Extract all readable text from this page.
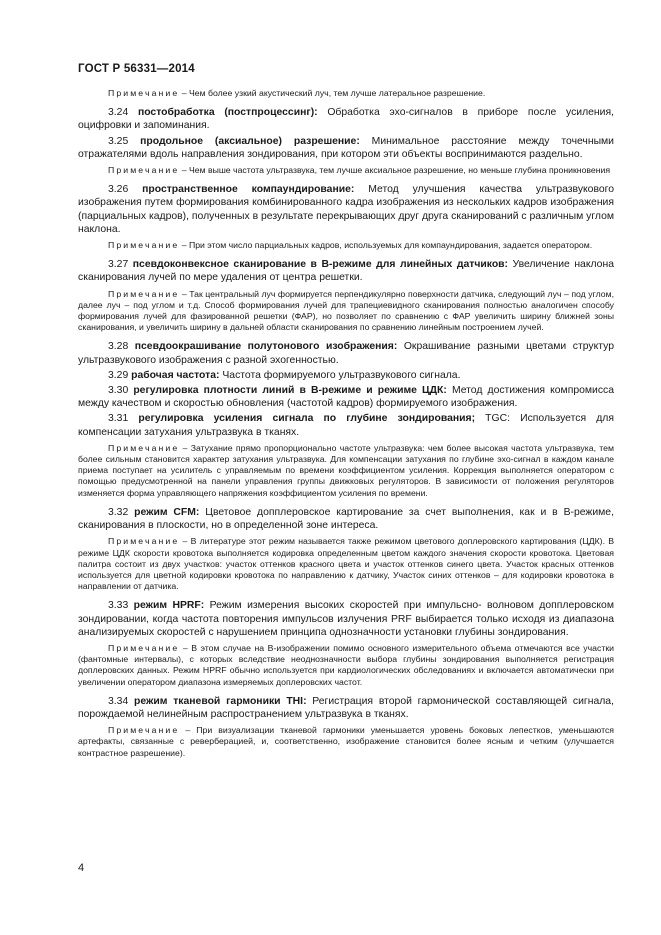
ГОСТ Р 56331—2014

Примечание – Чем более узкий акустический луч, тем лучше латеральное разрешение.

3.24 постобработка (постпроцессинг): Обработка эхо-сигналов в приборе после усиления, оцифровки и запоминания.

3.25 продольное (аксиальное) разрешение: Минимальное расстояние между точечными отражателями вдоль направления зондирования, при котором эти объекты воспринимаются раздельно.

Примечание – Чем выше частота ультразвука, тем лучше аксиальное разрешение, но меньше глубина проникновения

3.26 пространственное компаундирование: Метод улучшения качества ультразвукового изображения путем формирования комбинированного кадра изображения из нескольких кадров изображения (парциальных кадров), полученных в результате перекрывающих друг друга сканирований с различным углом наклона.

Примечание – При этом число парциальных кадров, используемых для компаундирования, задается оператором.

3.27 псевдоконвексное сканирование в В-режиме для линейных датчиков: Увеличение наклона сканирования лучей по мере удаления от центра решетки.

Примечание – Так центральный луч формируется перпендикулярно поверхности датчика, следующий луч – под углом, далее луч – под углом и т.д. Способ формирования лучей для трапециевидного сканирования полностью аналогичен способу формирования лучей для фазированной решетки (ФАР), но позволяет по сравнению с ФАР увеличить ширину ближней зоны сканирования, и увеличить ширину в дальней области сканирования по сравнению линейным построением лучей.

3.28 псевдоокрашивание полутонового изображения: Окрашивание разными цветами структур ультразвукового изображения с разной эхогенностью.

3.29 рабочая частота: Частота формируемого ультразвукового сигнала.

3.30 регулировка плотности линий в В-режиме и режиме ЦДК: Метод достижения компромисса между качеством и скоростью обновления (частотой кадров) формируемого изображения.

3.31 регулировка усиления сигнала по глубине зондирования; TGC: Используется для компенсации затухания ультразвука в тканях.

Примечание – Затухание прямо пропорционально частоте ультразвука: чем более высокая частота ультразвука, тем более сильным становится характер затухания ультразвука. Для компенсации затухания по глубине эхо-сигнал в каждом канале приема поступает на усилитель с управляемым по времени коэффициентом усиления. Коррекция выполняется оператором с помощью предусмотренной на панели управления группы движковых регуляторов. В зависимости от положения регуляторов изменяется форма управляющего напряжения коэффициентом усиления по времени.

3.32 режим CFM: Цветовое допплеровское картирование за счет выполнения, как и в В-режиме, сканирования в плоскости, но в определенной зоне интереса.

Примечание – В литературе этот режим называется также режимом цветового доплеровского картирования (ЦДК). В режиме ЦДК скорости кровотока выполняется кодировка определенным цветом каждого значения скорости кровотока. Цветовая палитра состоит из двух участков: участок оттенков красного цвета и участок оттенков синего цвета. Участок красных оттенков используется для цветной кодировки кровотока по направлению к датчику, Участок синих оттенков – для кодировки кровотока в направлении от датчика.

3.33 режим HPRF: Режим измерения высоких скоростей при импульсно- волновом допплеровском зондировании, когда частота повторения импульсов излучения PRF выбирается только исходя из диапазона анализируемых скоростей с нарушением принципа однозначности установки глубины зондирования.

Примечание – В этом случае на В-изображении помимо основного измерительного объема отмечаются все участки (фантомные интервалы), с которых вследствие неоднозначности выбора глубины зондирования выполняется регистрация доплеровских данных. Режим HPRF обычно используется при кардиологических обследованиях и включается автоматически при увеличении оператором диапазона измеряемых доплеровских частот.

3.34 режим тканевой гармоники THI: Регистрация второй гармонической составляющей сигнала, порождаемой нелинейным распространением ультразвука в тканях.

Примечание – При визуализации тканевой гармоники уменьшается уровень боковых лепестков, уменьшаются артефакты, связанные с реверберацией, и, соответственно, изображение становится более ясным и четким (улучшается контрастное разрешение).

4
